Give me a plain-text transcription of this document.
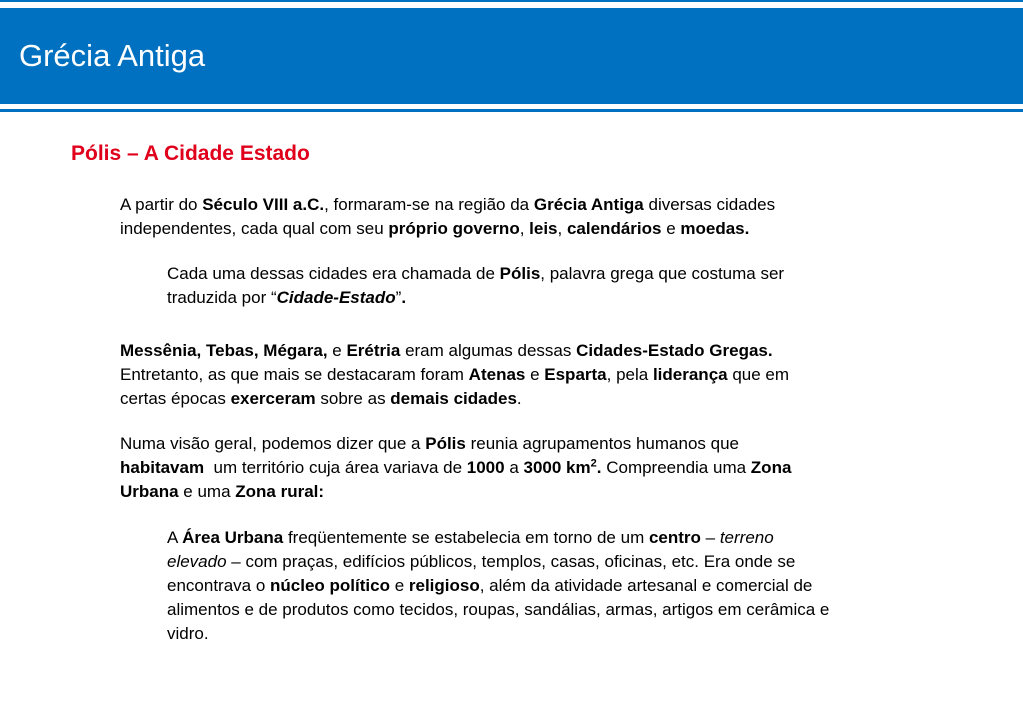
Grécia Antiga
Pólis – A Cidade Estado
A partir do Século VIII a.C., formaram-se na região da Grécia Antiga diversas cidades
independentes, cada qual com seu próprio governo, leis, calendários e moedas.
Cada uma dessas cidades era chamada de Pólis, palavra grega que costuma ser
traduzida por “Cidade-Estado”.
Messênia, Tebas, Mégara, e Erétria eram algumas dessas Cidades-Estado Gregas.
Entretanto, as que mais se destacaram foram Atenas e Esparta, pela liderança que em
certas épocas exerceram sobre as demais cidades.
Numa visão geral, podemos dizer que a Pólis reunia agrupamentos humanos que
habitavam  um território cuja área variava de 1000 a 3000 $km^2$. Compreendia uma Zona
Urbana e uma Zona rural:
A Área Urbana freqüentemente se estabelecia em torno de um centro – terreno
elevado – com praças, edifícios públicos, templos, casas, oficinas, etc. Era onde se
encontrava o núcleo político e religioso, além da atividade artesanal e comercial de
alimentos e de produtos como tecidos, roupas, sandálias, armas, artigos em cerâmica e
vidro.
